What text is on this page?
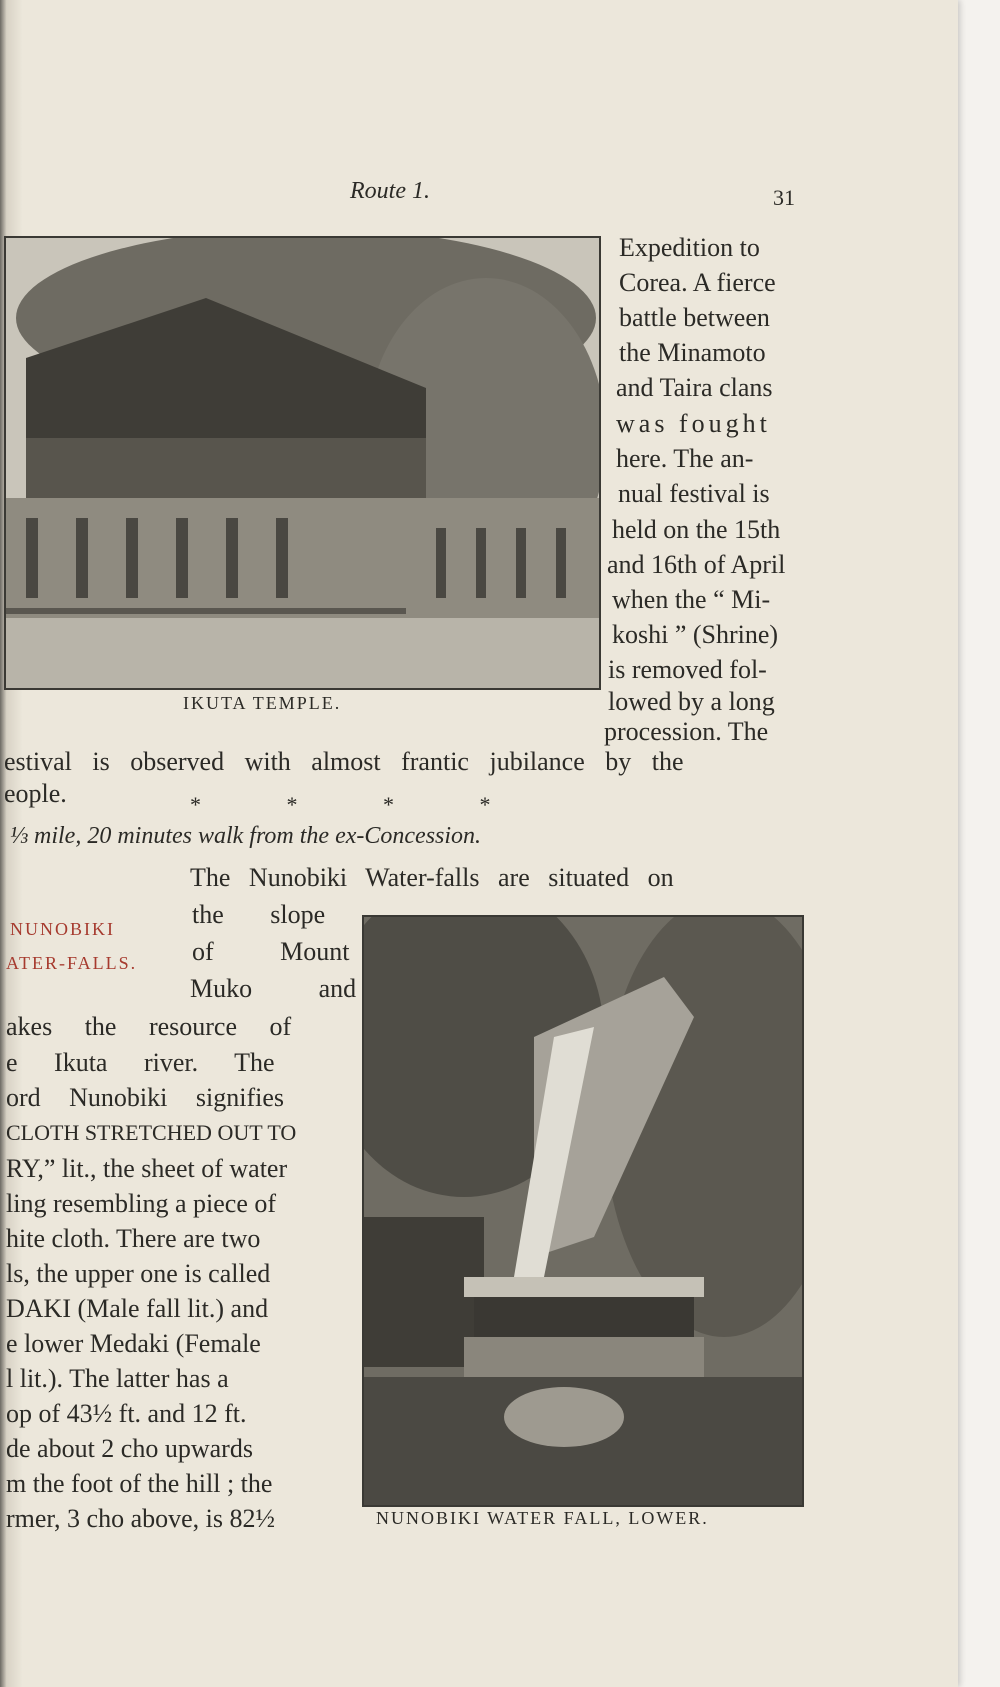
Route 1.	31
IKUTA TEMPLE.
Expedition to
Corea. A fierce
battle between
the Minamoto
and Taira clans
was fought
here. The an-
nual festival is
held on the 15th
and 16th of April
when the “ Mi-
koshi ” (Shrine)
is removed fol-
lowed by a long
procession. The
estival is observed with almost frantic jubilance by the
eople.	* * * *
⅓ mile, 20 minutes walk from the ex-Concession.
NUNOBIKI
ATER-FALLS.
The Nunobiki Water-falls are situated on
NUNOBIKI WATER FALL, LOWER.
the slope
of Mount
Muko and
akes the resource of
e Ikuta river. The
ord Nunobiki signifies
CLOTH STRETCHED OUT TO
RY,” lit., the sheet of water
ling resembling a piece of
hite cloth. There are two
ls, the upper one is called
DAKI (Male fall lit.) and
e lower Medaki (Female
l lit.). The latter has a
op of 43½ ft. and 12 ft.
de about 2 cho upwards
m the foot of the hill ; the
rmer, 3 cho above, is 82½
